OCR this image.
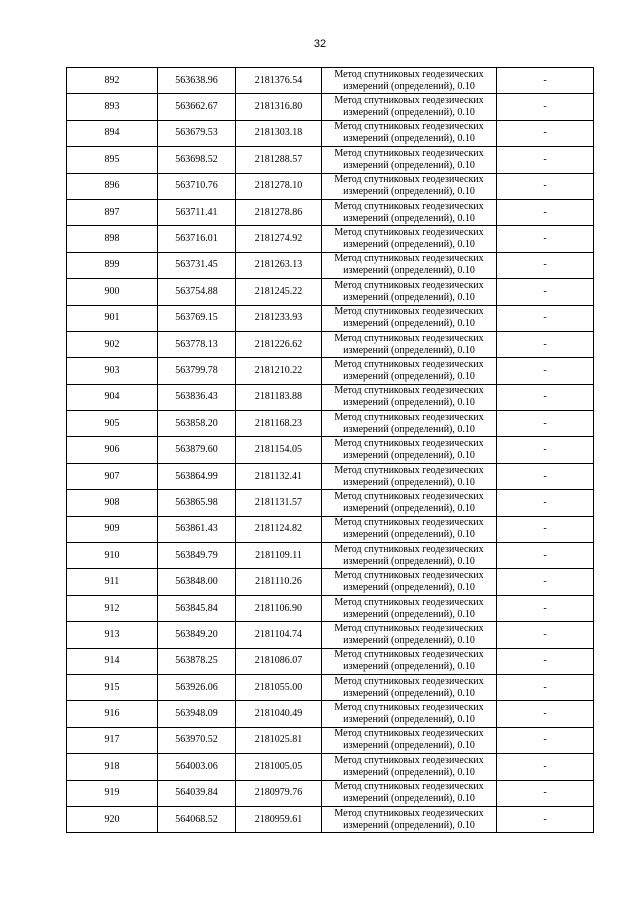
32
892	563638.96	2181376.54	Метод спутниковых геодезических измерений (определений), 0.10	-
893	563662.67	2181316.80	Метод спутниковых геодезических измерений (определений), 0.10	-
894	563679.53	2181303.18	Метод спутниковых геодезических измерений (определений), 0.10	-
895	563698.52	2181288.57	Метод спутниковых геодезических измерений (определений), 0.10	-
896	563710.76	2181278.10	Метод спутниковых геодезических измерений (определений), 0.10	-
897	563711.41	2181278.86	Метод спутниковых геодезических измерений (определений), 0.10	-
898	563716.01	2181274.92	Метод спутниковых геодезических измерений (определений), 0.10	-
899	563731.45	2181263.13	Метод спутниковых геодезических измерений (определений), 0.10	-
900	563754.88	2181245.22	Метод спутниковых геодезических измерений (определений), 0.10	-
901	563769.15	2181233.93	Метод спутниковых геодезических измерений (определений), 0.10	-
902	563778.13	2181226.62	Метод спутниковых геодезических измерений (определений), 0.10	-
903	563799.78	2181210.22	Метод спутниковых геодезических измерений (определений), 0.10	-
904	563836.43	2181183.88	Метод спутниковых геодезических измерений (определений), 0.10	-
905	563858.20	2181168.23	Метод спутниковых геодезических измерений (определений), 0.10	-
906	563879.60	2181154.05	Метод спутниковых геодезических измерений (определений), 0.10	-
907	563864.99	2181132.41	Метод спутниковых геодезических измерений (определений), 0.10	-
908	563865.98	2181131.57	Метод спутниковых геодезических измерений (определений), 0.10	-
909	563861.43	2181124.82	Метод спутниковых геодезических измерений (определений), 0.10	-
910	563849.79	2181109.11	Метод спутниковых геодезических измерений (определений), 0.10	-
911	563848.00	2181110.26	Метод спутниковых геодезических измерений (определений), 0.10	-
912	563845.84	2181106.90	Метод спутниковых геодезических измерений (определений), 0.10	-
913	563849.20	2181104.74	Метод спутниковых геодезических измерений (определений), 0.10	-
914	563878.25	2181086.07	Метод спутниковых геодезических измерений (определений), 0.10	-
915	563926.06	2181055.00	Метод спутниковых геодезических измерений (определений), 0.10	-
916	563948.09	2181040.49	Метод спутниковых геодезических измерений (определений), 0.10	-
917	563970.52	2181025.81	Метод спутниковых геодезических измерений (определений), 0.10	-
918	564003.06	2181005.05	Метод спутниковых геодезических измерений (определений), 0.10	-
919	564039.84	2180979.76	Метод спутниковых геодезических измерений (определений), 0.10	-
920	564068.52	2180959.61	Метод спутниковых геодезических измерений (определений), 0.10	-
